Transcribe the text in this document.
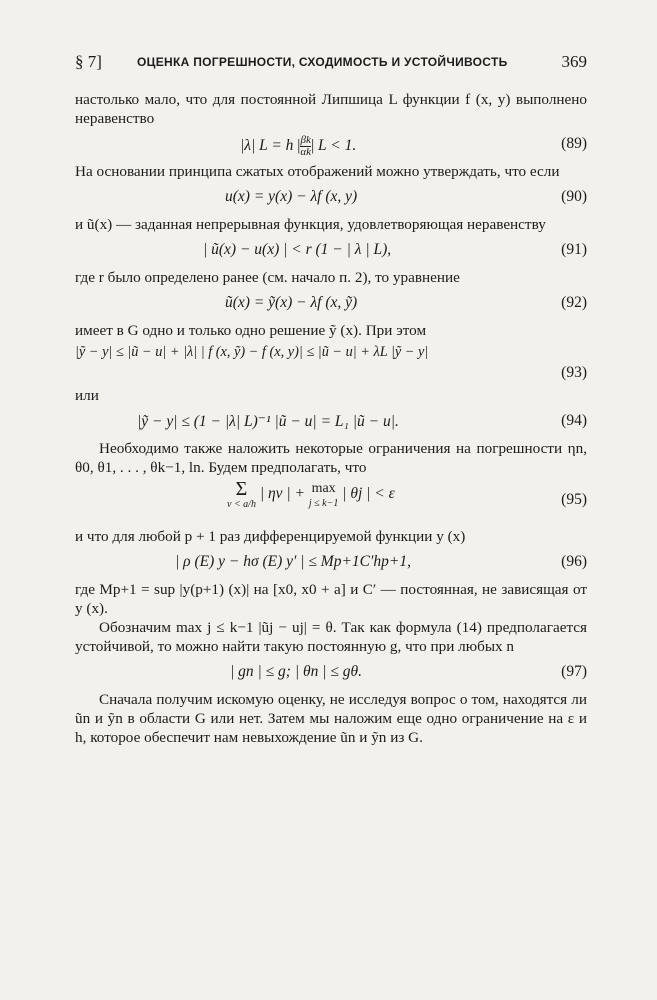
§ 7]	ОЦЕНКА ПОГРЕШНОСТИ, СХОДИМОСТЬ И УСТОЙЧИВОСТЬ	369

настолько мало, что для постоянной Липшица L функции f (x, y) выполнено неравенство

|λ| L = h | $\frac{\beta k}{\alpha k}$ | L < 1.	(89)

На основании принципа сжатых отображений можно утверждать, что если

u(x) = y(x) − λf (x, y)	(90)

и ũ(x) — заданная непрерывная функция, удовлетворяющая неравенству

| ũ(x) − u(x) | < r (1 − | λ | L),	(91)

где r было определено ранее (см. начало п. 2), то уравнение

ũ(x) = ỹ(x) − λf (x, ỹ)	(92)

имеет в G одно и только одно решение ỹ (x). При этом

|ỹ − y| ≤ |ũ − u| + |λ| | f (x, ỹ) − f (x, y)| ≤ |ũ − u| + λL |ỹ − y|
(93)

или

|ỹ − y| ≤ (1 − |λ| L)⁻¹ |ũ − u| = L₁ |ũ − u|.	(94)

Необходимо также наложить некоторые ограничения на погрешности ηn, θ0, θ1, . . . , θk−1, ln. Будем предполагать, что

Σ
ν < a/h | ην | + max
j ≤ k−1 | θj | < ε	(95)

и что для любой p + 1 раз дифференцируемой функции y (x)

| ρ (E) y − hσ (E) y′ | ≤ Mp+1C′hp+1,	(96)

где Mp+1 = sup |y(p+1) (x)| на [x0, x0 + a] и C′ — постоянная, не зависящая от y (x).

Обозначим max j ≤ k−1 |ũj − uj| = θ. Так как формула (14) предполагается устойчивой, то можно найти такую постоянную g, что при любых n

| gn | ≤ g; | θn | ≤ gθ.	(97)

Сначала получим искомую оценку, не исследуя вопрос о том, находятся ли ũn и ỹn в области G или нет. Затем мы наложим еще одно ограничение на ε и h, которое обеспечит нам невыхождение ũn и ỹn из G.
